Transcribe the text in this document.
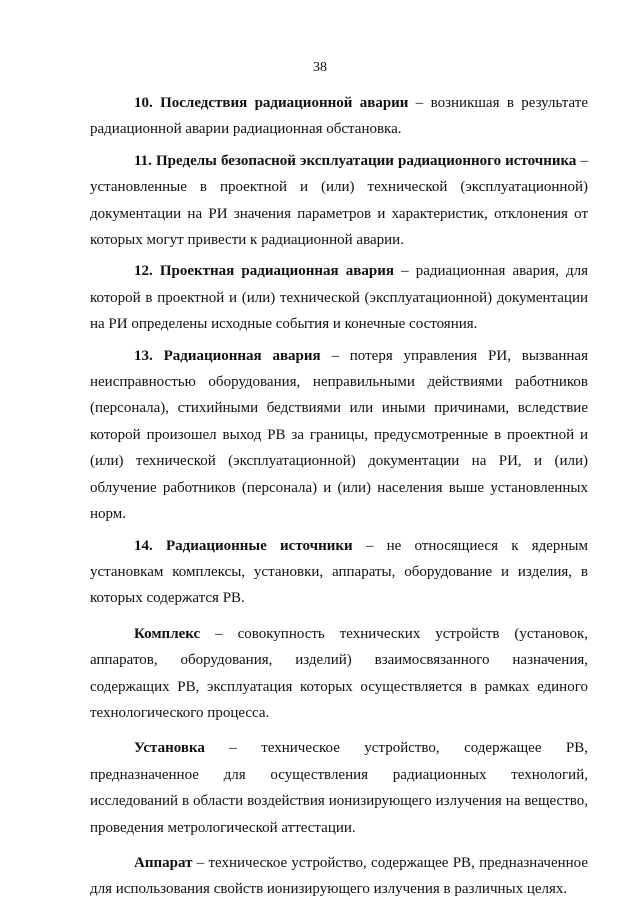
38

10. Последствия радиационной аварии – возникшая в результате радиационной аварии радиационная обстановка.

11. Пределы безопасной эксплуатации радиационного источника – установленные в проектной и (или) технической (эксплуатационной) документации на РИ значения параметров и характеристик, отклонения от которых могут привести к радиационной аварии.

12. Проектная радиационная авария – радиационная авария, для которой в проектной и (или) технической (эксплуатационной) документации на РИ определены исходные события и конечные состояния.

13. Радиационная авария – потеря управления РИ, вызванная неисправностью оборудования, неправильными действиями работников (персонала), стихийными бедствиями или иными причинами, вследствие которой произошел выход РВ за границы, предусмотренные в проектной и (или) технической (эксплуатационной) документации на РИ, и (или) облучение работников (персонала) и (или) населения выше установленных норм.

14. Радиационные источники – не относящиеся к ядерным установкам комплексы, установки, аппараты, оборудование и изделия, в которых содержатся РВ.

Комплекс – совокупность технических устройств (установок, аппаратов, оборудования, изделий) взаимосвязанного назначения, содержащих РВ, эксплуатация которых осуществляется в рамках единого технологического процесса.

Установка – техническое устройство, содержащее РВ, предназначенное для осуществления радиационных технологий, исследований в области воздействия ионизирующего излучения на вещество, проведения метрологической аттестации.

Аппарат – техническое устройство, содержащее РВ, предназначенное для использования свойств ионизирующего излучения в различных целях.
